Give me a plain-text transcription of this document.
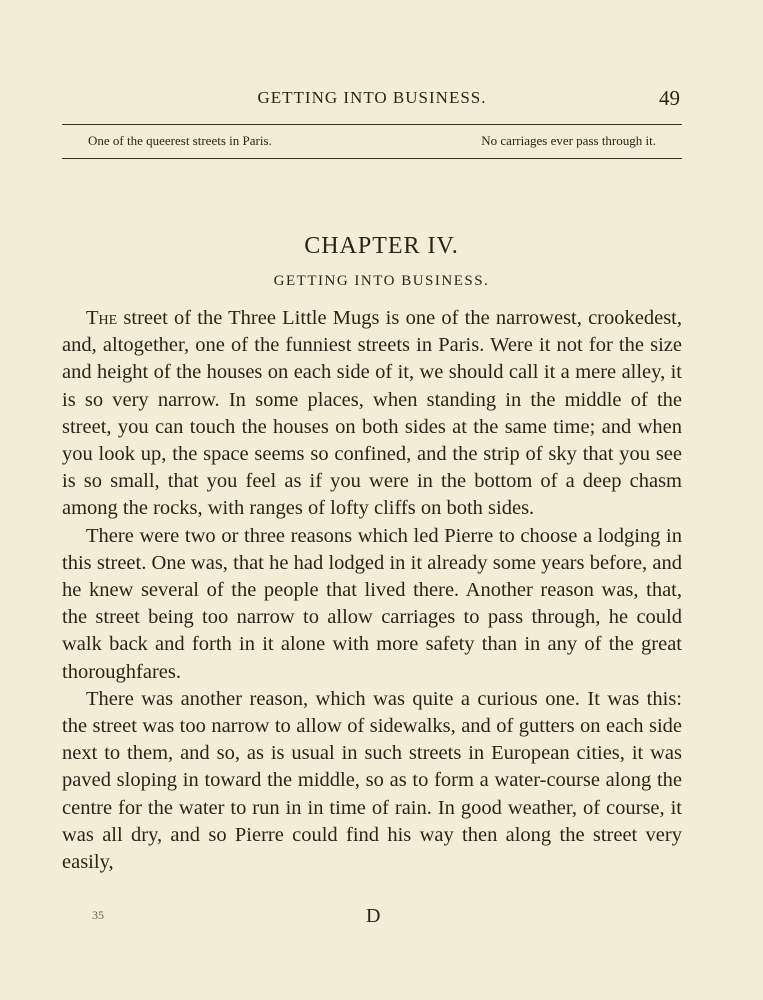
GETTING INTO BUSINESS.	49
One of the queerest streets in Paris.	No carriages ever pass through it.
CHAPTER IV.
GETTING INTO BUSINESS.

The street of the Three Little Mugs is one of the narrowest, crookedest, and, altogether, one of the funniest streets in Paris. Were it not for the size and height of the houses on each side of it, we should call it a mere alley, it is so very narrow. In some places, when standing in the middle of the street, you can touch the houses on both sides at the same time; and when you look up, the space seems so confined, and the strip of sky that you see is so small, that you feel as if you were in the bottom of a deep chasm among the rocks, with ranges of lofty cliffs on both sides.

There were two or three reasons which led Pierre to choose a lodging in this street. One was, that he had lodged in it already some years before, and he knew several of the people that lived there. Another reason was, that, the street being too narrow to allow carriages to pass through, he could walk back and forth in it alone with more safety than in any of the great thoroughfares.

There was another reason, which was quite a curious one. It was this: the street was too narrow to allow of sidewalks, and of gutters on each side next to them, and so, as is usual in such streets in European cities, it was paved sloping in toward the middle, so as to form a water-course along the centre for the water to run in in time of rain. In good weather, of course, it was all dry, and so Pierre could find his way then along the street very easily,

35	D
